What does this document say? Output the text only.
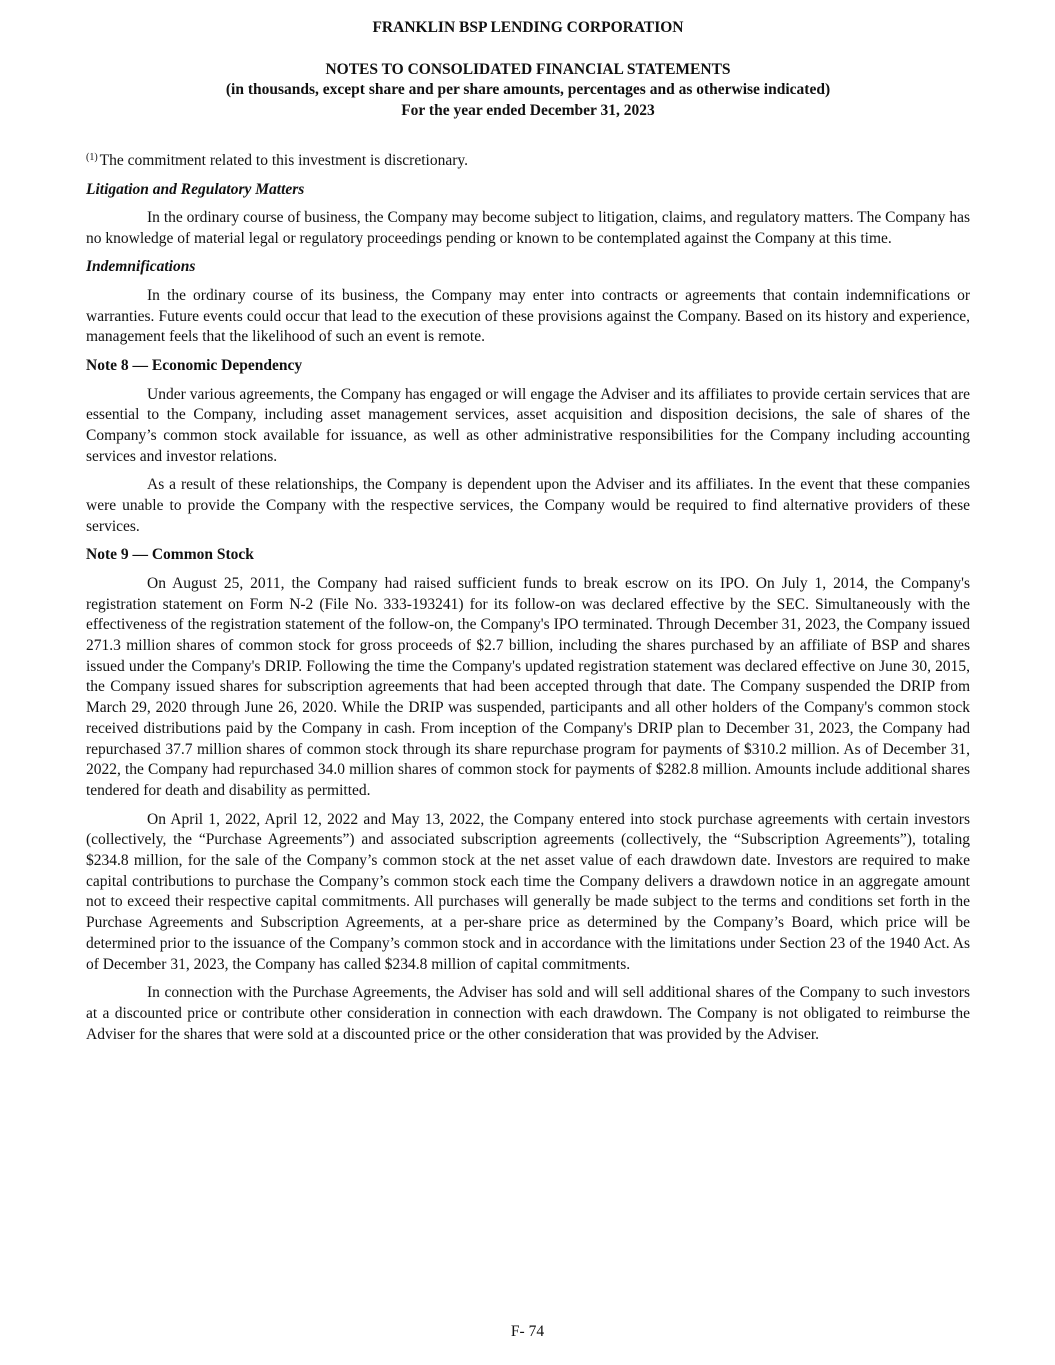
FRANKLIN BSP LENDING CORPORATION
NOTES TO CONSOLIDATED FINANCIAL STATEMENTS
(in thousands, except share and per share amounts, percentages and as otherwise indicated)
For the year ended December 31, 2023
$^{(1)}$ The commitment related to this investment is discretionary.
Litigation and Regulatory Matters

In the ordinary course of business, the Company may become subject to litigation, claims, and regulatory matters. The Company has no knowledge of material legal or regulatory proceedings pending or known to be contemplated against the Company at this time.

Indemnifications

In the ordinary course of its business, the Company may enter into contracts or agreements that contain indemnifications or warranties. Future events could occur that lead to the execution of these provisions against the Company. Based on its history and experience, management feels that the likelihood of such an event is remote.

Note 8 — Economic Dependency

Under various agreements, the Company has engaged or will engage the Adviser and its affiliates to provide certain services that are essential to the Company, including asset management services, asset acquisition and disposition decisions, the sale of shares of the Company’s common stock available for issuance, as well as other administrative responsibilities for the Company including accounting services and investor relations.

As a result of these relationships, the Company is dependent upon the Adviser and its affiliates. In the event that these companies were unable to provide the Company with the respective services, the Company would be required to find alternative providers of these services.

Note 9 — Common Stock

On August 25, 2011, the Company had raised sufficient funds to break escrow on its IPO. On July 1, 2014, the Company's registration statement on Form N-2 (File No. 333-193241) for its follow-on was declared effective by the SEC. Simultaneously with the effectiveness of the registration statement of the follow-on, the Company's IPO terminated. Through December 31, 2023, the Company issued 271.3 million shares of common stock for gross proceeds of $2.7 billion, including the shares purchased by an affiliate of BSP and shares issued under the Company's DRIP. Following the time the Company's updated registration statement was declared effective on June 30, 2015, the Company issued shares for subscription agreements that had been accepted through that date. The Company suspended the DRIP from March 29, 2020 through June 26, 2020. While the DRIP was suspended, participants and all other holders of the Company's common stock received distributions paid by the Company in cash. From inception of the Company's DRIP plan to December 31, 2023, the Company had repurchased 37.7 million shares of common stock through its share repurchase program for payments of $310.2 million. As of December 31, 2022, the Company had repurchased 34.0 million shares of common stock for payments of $282.8 million. Amounts include additional shares tendered for death and disability as permitted.

On April 1, 2022, April 12, 2022 and May 13, 2022, the Company entered into stock purchase agreements with certain investors (collectively, the “Purchase Agreements”) and associated subscription agreements (collectively, the “Subscription Agreements”), totaling $234.8 million, for the sale of the Company’s common stock at the net asset value of each drawdown date. Investors are required to make capital contributions to purchase the Company’s common stock each time the Company delivers a drawdown notice in an aggregate amount not to exceed their respective capital commitments. All purchases will generally be made subject to the terms and conditions set forth in the Purchase Agreements and Subscription Agreements, at a per-share price as determined by the Company’s Board, which price will be determined prior to the issuance of the Company’s common stock and in accordance with the limitations under Section 23 of the 1940 Act. As of December 31, 2023, the Company has called $234.8 million of capital commitments.

In connection with the Purchase Agreements, the Adviser has sold and will sell additional shares of the Company to such investors at a discounted price or contribute other consideration in connection with each drawdown. The Company is not obligated to reimburse the Adviser for the shares that were sold at a discounted price or the other consideration that was provided by the Adviser.

F- 74
